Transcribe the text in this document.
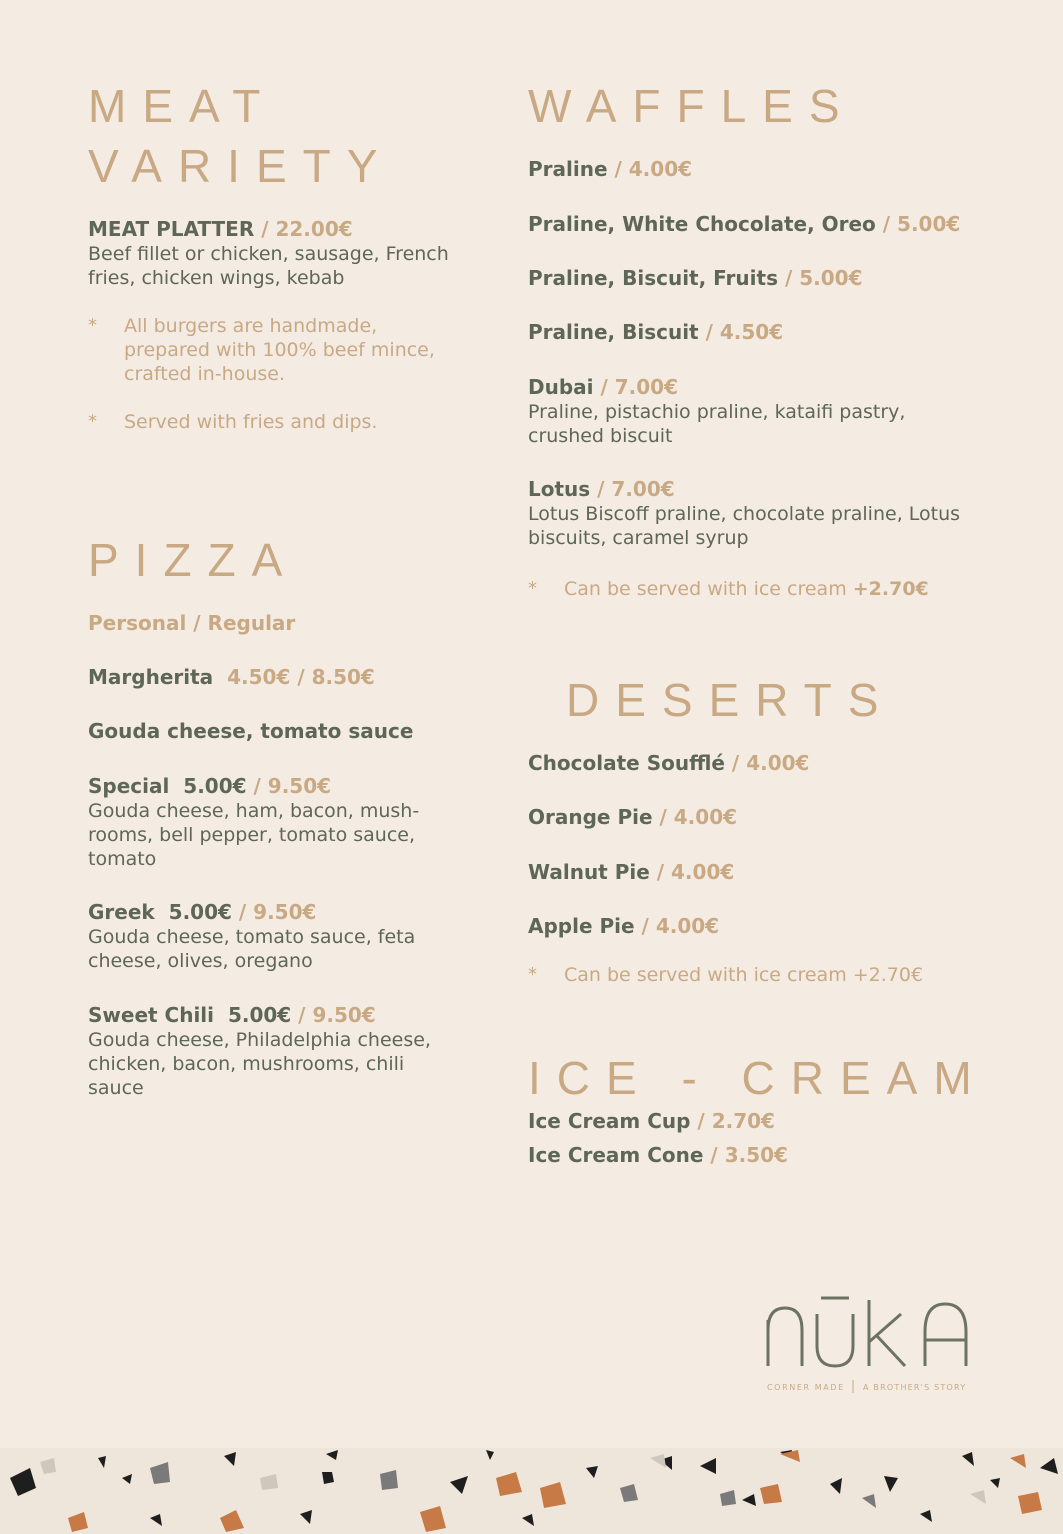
MEAT
VARIETY
MEAT PLATTER / 22.00€
Beef fillet or chicken, sausage, French fries, chicken wings, kebab
* All burgers are handmade, prepared with 100% beef mince, crafted in-house.
* Served with fries and dips.
PIZZA
Personal / Regular
Margherita 4.50€ / 8.50€
Gouda cheese, tomato sauce
Special 5.00€ / 9.50€
Gouda cheese, ham, bacon, mush-rooms, bell pepper, tomato sauce, tomato
Greek 5.00€ / 9.50€
Gouda cheese, tomato sauce, feta cheese, olives, oregano
Sweet Chili 5.00€ / 9.50€
Gouda cheese, Philadelphia cheese, chicken, bacon, mushrooms, chili sauce
WAFFLES
Praline / 4.00€
Praline, White Chocolate, Oreo / 5.00€
Praline, Biscuit, Fruits / 5.00€
Praline, Biscuit / 4.50€
Dubai / 7.00€
Praline, pistachio praline, kataifi pastry, crushed biscuit
Lotus / 7.00€
Lotus Biscoff praline, chocolate praline, Lotus biscuits, caramel syrup
* Can be served with ice cream +2.70€
DESERTS
Chocolate Soufflé / 4.00€
Orange Pie / 4.00€
Walnut Pie / 4.00€
Apple Pie / 4.00€
* Can be served with ice cream +2.70€
ICE - CREAM
Ice Cream Cup / 2.70€
Ice Cream Cone / 3.50€
CORNER MADE A BROTHER'S STORY
